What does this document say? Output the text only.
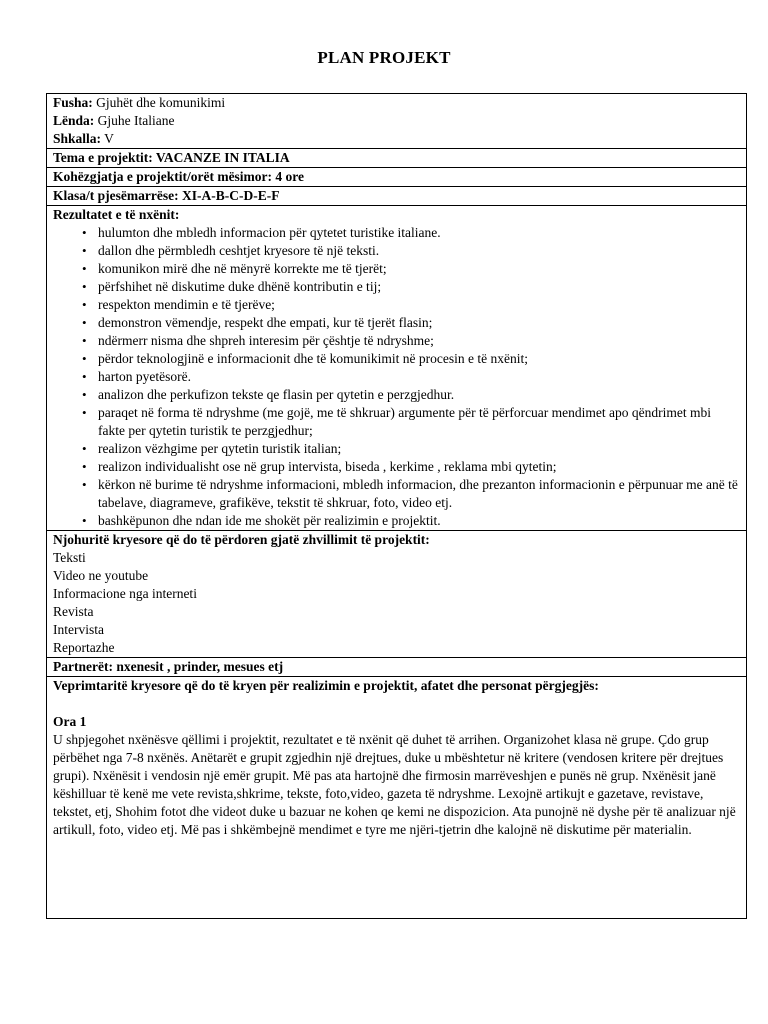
PLAN PROJEKT
Fusha: Gjuhët dhe komunikimi
Lënda: Gjuhe Italiane
Shkalla: V
Tema e projektit: VACANZE IN ITALIA
Kohëzgjatja e projektit/orët mësimor: 4 ore
Klasa/t pjesëmarrëse: XI-A-B-C-D-E-F
Rezultatet e të nxënit:
• hulumton dhe mbledh informacion për qytetet turistike italiane.
• dallon dhe përmbledh ceshtjet kryesore të një teksti.
• komunikon mirë dhe në mënyrë korrekte me të tjerët;
• përfshihet në diskutime duke dhënë kontributin e tij;
• respekton mendimin e të tjerëve;
• demonstron vëmendje, respekt dhe empati, kur të tjerët flasin;
• ndërmerr nisma dhe shpreh interesim për çështje të ndryshme;
• përdor teknologjinë e informacionit dhe të komunikimit në procesin e të nxënit;
• harton pyetësorë.
• analizon dhe perkufizon tekste qe flasin per qytetin e perzgjedhur.
• paraqet në forma të ndryshme (me gojë, me të shkruar) argumente për të përforcuar mendimet apo qëndrimet mbi fakte per qytetin turistik te perzgjedhur;
• realizon vëzhgime per qytetin turistik italian;
• realizon individualisht ose në grup intervista, biseda , kerkime , reklama mbi qytetin;
• kërkon në burime të ndryshme informacioni, mbledh informacion, dhe prezanton informacionin e përpunuar me anë të tabelave, diagrameve, grafikëve, tekstit të shkruar, foto, video etj.
• bashkëpunon dhe ndan ide me shokët për realizimin e projektit.
Njohuritë kryesore që do të përdoren gjatë zhvillimit të projektit:
Teksti
Video ne youtube
Informacione nga interneti
Revista
Intervista
Reportazhe
Partnerët: nxenesit , prinder, mesues etj
Veprimtaritë kryesore që do të kryen për realizimin e projektit, afatet dhe personat përgjegjës:
Ora 1
U shpjegohet nxënësve qëllimi i projektit, rezultatet e të nxënit që duhet të arrihen. Organizohet klasa në grupe. Çdo grup përbëhet nga 7-8 nxënës. Anëtarët e grupit zgjedhin një drejtues, duke u mbështetur në kritere (vendosen kritere për drejtues grupi). Nxënësit i vendosin një emër grupit. Më pas ata hartojnë dhe firmosin marrëveshjen e punës në grup. Nxënësit janë këshilluar të kenë me vete revista,shkrime, tekste, foto,video, gazeta të ndryshme. Lexojnë artikujt e gazetave, revistave, tekstet, etj, Shohim fotot dhe videot duke u bazuar ne kohen qe kemi ne dispozicion. Ata punojnë në dyshe për të analizuar një artikull, foto, video etj. Më pas i shkëmbejnë mendimet e tyre me njëri-tjetrin dhe kalojnë në diskutime për materialin.
